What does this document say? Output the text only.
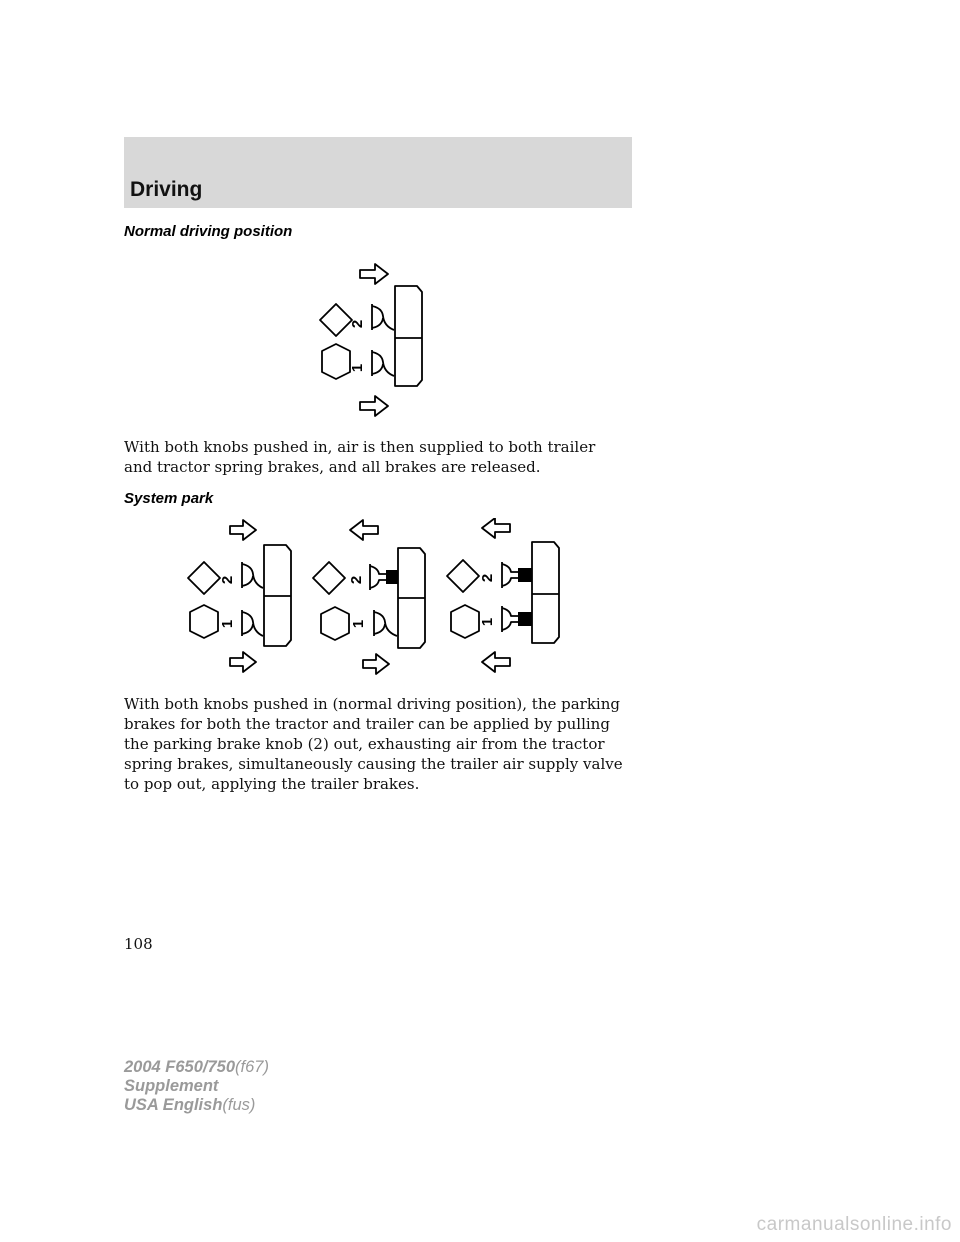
Driving
Normal driving position
2
1

With both knobs pushed in, air is then supplied to both trailer and tractor spring brakes, and all brakes are released.

System park
2
1
2
1
2
1

With both knobs pushed in (normal driving position), the parking brakes for both the tractor and trailer can be applied by pulling the parking brake knob (2) out, exhausting air from the tractor spring brakes, simultaneously causing the trailer air supply valve to pop out, applying the trailer brakes.

108
2004 F650/750(f67)
Supplement
USA English(fus)
carmanualsonline.info
